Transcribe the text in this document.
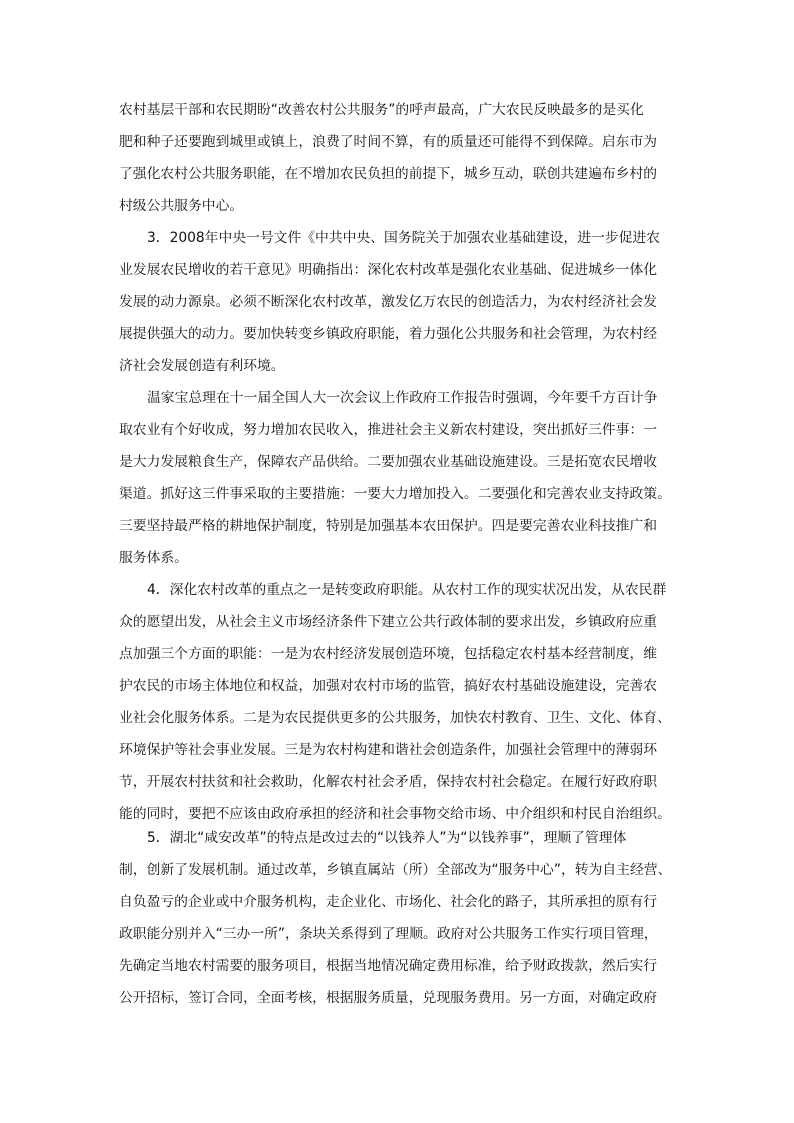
农村基层干部和农民期盼“改善农村公共服务”的呼声最高，广大农民反映最多的是买化
肥和种子还要跑到城里或镇上，浪费了时间不算，有的质量还可能得不到保障。启东市为
了强化农村公共服务职能，在不增加农民负担的前提下，城乡互动，联创共建遍布乡村的
村级公共服务中心。
3．2008年中央一号文件《中共中央、国务院关于加强农业基础建设，进一步促进农
业发展农民增收的若干意见》明确指出：深化农村改革是强化农业基础、促进城乡一体化
发展的动力源泉。必须不断深化农村改革，激发亿万农民的创造活力，为农村经济社会发
展提供强大的动力。要加快转变乡镇政府职能，着力强化公共服务和社会管理，为农村经
济社会发展创造有利环境。
温家宝总理在十一届全国人大一次会议上作政府工作报告时强调，今年要千方百计争
取农业有个好收成，努力增加农民收入，推进社会主义新农村建设，突出抓好三件事：一
是大力发展粮食生产，保障农产品供给。二要加强农业基础设施建设。三是拓宽农民增收
渠道。抓好这三件事采取的主要措施：一要大力增加投入。二要强化和完善农业支持政策。
三要坚持最严格的耕地保护制度，特别是加强基本农田保护。四是要完善农业科技推广和
服务体系。
4．深化农村改革的重点之一是转变政府职能。从农村工作的现实状况出发，从农民群
众的愿望出发，从社会主义市场经济条件下建立公共行政体制的要求出发，乡镇政府应重
点加强三个方面的职能：一是为农村经济发展创造环境，包括稳定农村基本经营制度，维
护农民的市场主体地位和权益，加强对农村市场的监管，搞好农村基础设施建设，完善农
业社会化服务体系。二是为农民提供更多的公共服务，加快农村教育、卫生、文化、体育、
环境保护等社会事业发展。三是为农村构建和谐社会创造条件，加强社会管理中的薄弱环
节，开展农村扶贫和社会救助，化解农村社会矛盾，保持农村社会稳定。在履行好政府职
能的同时，要把不应该由政府承担的经济和社会事物交给市场、中介组织和村民自治组织。
5．湖北“咸安改革”的特点是改过去的“以钱养人”为“以钱养事”，理顺了管理体
制，创新了发展机制。通过改革，乡镇直属站（所）全部改为“服务中心”，转为自主经营、
自负盈亏的企业或中介服务机构，走企业化、市场化、社会化的路子，其所承担的原有行
政职能分别并入“三办一所”，条块关系得到了理顺。政府对公共服务工作实行项目管理，
先确定当地农村需要的服务项目，根据当地情况确定费用标准，给予财政拨款，然后实行
公开招标，签订合同，全面考核，根据服务质量，兑现服务费用。另一方面，对确定政府
